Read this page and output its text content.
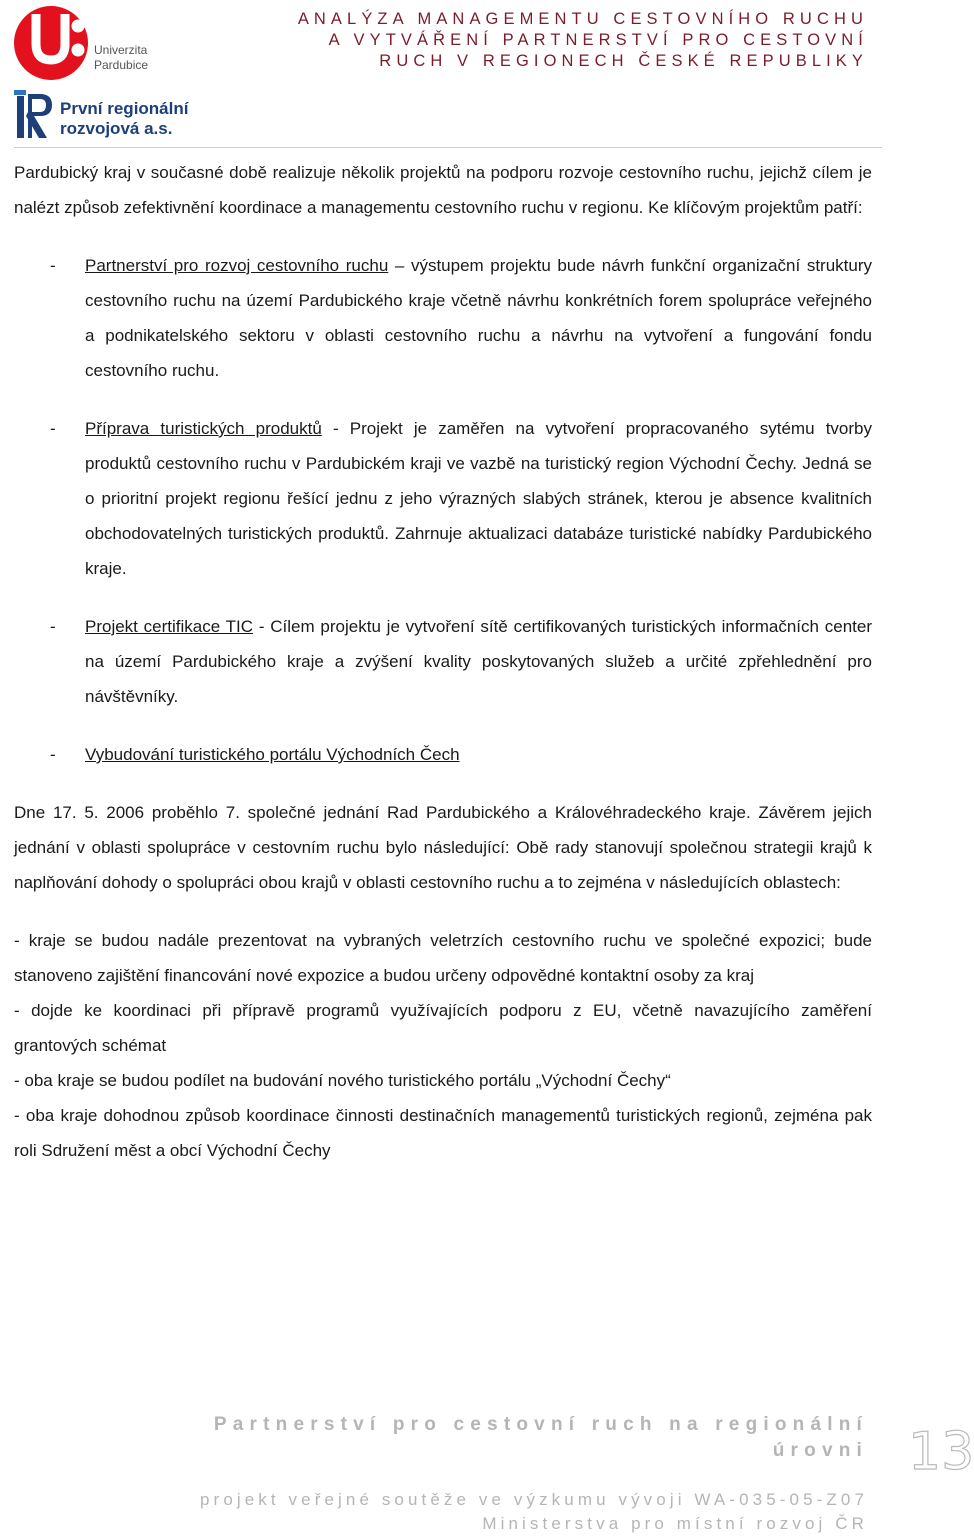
Univerzita
Pardubice
První regionální
rozvojová a.s.
ANALÝZA MANAGEMENTU CESTOVNÍHO RUCHU
A VYTVÁŘENÍ PARTNERSTVÍ PRO CESTOVNÍ
RUCH V REGIONECH ČESKÉ REPUBLIKY

Pardubický kraj v současné době realizuje několik projektů na podporu rozvoje cestovního ruchu, jejichž cílem je nalézt způsob zefektivnění koordinace a managementu cestovního ruchu v regionu. Ke klíčovým projektům patří:

- Partnerství pro rozvoj cestovního ruchu – výstupem projektu bude návrh funkční organizační struktury cestovního ruchu na území Pardubického kraje včetně návrhu konkrétních forem spolupráce veřejného a podnikatelského sektoru v oblasti cestovního ruchu a návrhu na vytvoření a fungování fondu cestovního ruchu.

- Příprava turistických produktů - Projekt je zaměřen na vytvoření propracovaného sytému tvorby produktů cestovního ruchu v Pardubickém kraji ve vazbě na turistický region Východní Čechy. Jedná se o prioritní projekt regionu řešící jednu z jeho výrazných slabých stránek, kterou je absence kvalitních obchodovatelných turistických produktů. Zahrnuje aktualizaci databáze turistické nabídky Pardubického kraje.

- Projekt certifikace TIC - Cílem projektu je vytvoření sítě certifikovaných turistických informačních center na území Pardubického kraje a zvýšení kvality poskytovaných služeb a určité zpřehlednění pro návštěvníky.

- Vybudování turistického portálu Východních Čech

Dne 17. 5. 2006 proběhlo 7. společné jednání Rad Pardubického a Královéhradeckého kraje. Závěrem jejich jednání v oblasti spolupráce v cestovním ruchu bylo následující: Obě rady stanovují společnou strategii krajů k naplňování dohody o spolupráci obou krajů v oblasti cestovního ruchu a to zejména v následujících oblastech:

- kraje se budou nadále prezentovat na vybraných veletrzích cestovního ruchu ve společné expozici; bude stanoveno zajištění financování nové expozice a budou určeny odpovědné kontaktní osoby za kraj

- dojde ke koordinaci při přípravě programů využívajících podporu z EU, včetně navazujícího zaměření grantových schémat

- oba kraje se budou podílet na budování nového turistického portálu „Východní Čechy“

- oba kraje dohodnou způsob koordinace činnosti destinačních managementů turistických regionů, zejména pak roli Sdružení měst a obcí Východní Čechy

Partnerství pro cestovní ruch na regionální úrovni
projekt veřejné soutěže ve výzkumu vývoji WA-035-05-Z07
Ministerstva pro místní rozvoj ČR
13
